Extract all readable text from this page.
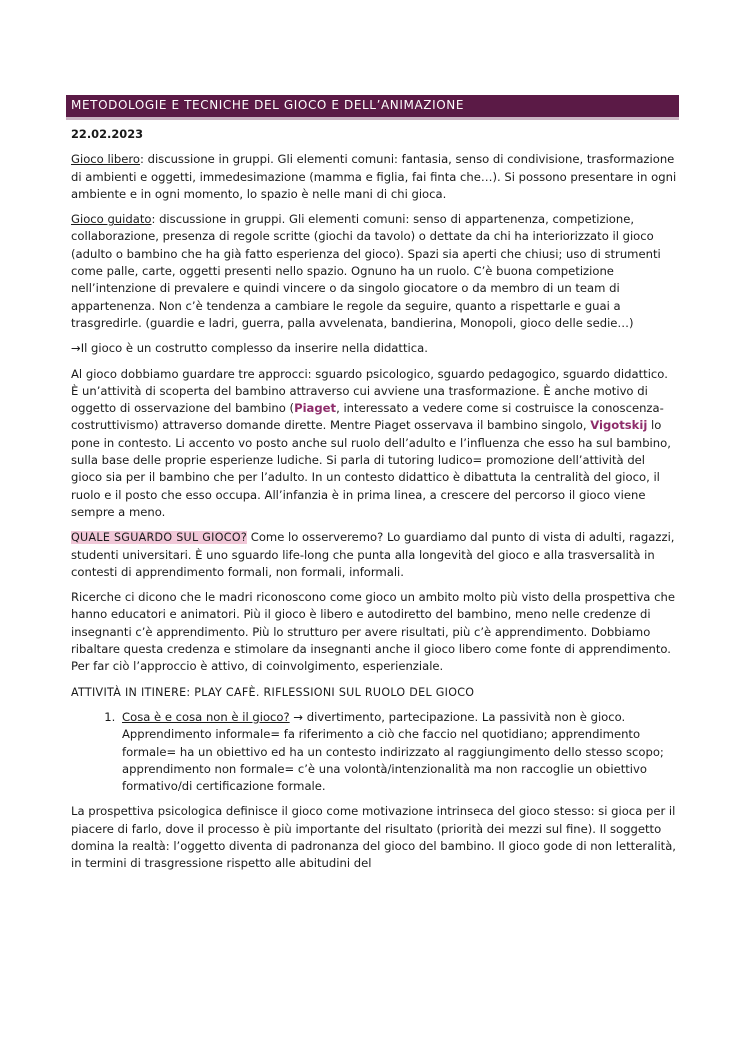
METODOLOGIE E TECNICHE DEL GIOCO E DELL’ANIMAZIONE

22.02.2023

Gioco libero: discussione in gruppi. Gli elementi comuni: fantasia, senso di condivisione, trasformazione di ambienti e oggetti, immedesimazione (mamma e figlia, fai finta che…). Si possono presentare in ogni ambiente e in ogni momento, lo spazio è nelle mani di chi gioca.

Gioco guidato: discussione in gruppi. Gli elementi comuni: senso di appartenenza, competizione, collaborazione, presenza di regole scritte (giochi da tavolo) o dettate da chi ha interiorizzato il gioco (adulto o bambino che ha già fatto esperienza del gioco). Spazi sia aperti che chiusi; uso di strumenti come palle, carte, oggetti presenti nello spazio. Ognuno ha un ruolo. C’è buona competizione nell’intenzione di prevalere e quindi vincere o da singolo giocatore o da membro di un team di appartenenza. Non c’è tendenza a cambiare le regole da seguire, quanto a rispettarle e guai a trasgredirle. (guardie e ladri, guerra, palla avvelenata, bandierina, Monopoli, gioco delle sedie…)

→Il gioco è un costrutto complesso da inserire nella didattica.

Al gioco dobbiamo guardare tre approcci: sguardo psicologico, sguardo pedagogico, sguardo didattico. È un’attività di scoperta del bambino attraverso cui avviene una trasformazione. È anche motivo di oggetto di osservazione del bambino (Piaget, interessato a vedere come si costruisce la conoscenza- costruttivismo) attraverso domande dirette. Mentre Piaget osservava il bambino singolo, Vigotskij lo pone in contesto. Li accento vo posto anche sul ruolo dell’adulto e l’influenza che esso ha sul bambino, sulla base delle proprie esperienze ludiche. Si parla di tutoring ludico= promozione dell’attività del gioco sia per il bambino che per l’adulto. In un contesto didattico è dibattuta la centralità del gioco, il ruolo e il posto che esso occupa. All’infanzia è in prima linea, a crescere del percorso il gioco viene sempre a meno.

QUALE SGUARDO SUL GIOCO? Come lo osserveremo? Lo guardiamo dal punto di vista di adulti, ragazzi, studenti universitari. È uno sguardo life-long che punta alla longevità del gioco e alla trasversalità in contesti di apprendimento formali, non formali, informali.

Ricerche ci dicono che le madri riconoscono come gioco un ambito molto più visto della prospettiva che hanno educatori e animatori. Più il gioco è libero e autodiretto del bambino, meno nelle credenze di insegnanti c’è apprendimento. Più lo strutturo per avere risultati, più c’è apprendimento. Dobbiamo ribaltare questa credenza e stimolare da insegnanti anche il gioco libero come fonte di apprendimento. Per far ciò l’approccio è attivo, di coinvolgimento, esperienziale.

ATTIVITÀ IN ITINERE: PLAY CAFÈ. RIFLESSIONI SUL RUOLO DEL GIOCO

1. Cosa è e cosa non è il gioco? → divertimento, partecipazione. La passività non è gioco. Apprendimento informale= fa riferimento a ciò che faccio nel quotidiano; apprendimento formale= ha un obiettivo ed ha un contesto indirizzato al raggiungimento dello stesso scopo; apprendimento non formale= c’è una volontà/intenzionalità ma non raccoglie un obiettivo formativo/di certificazione formale.

La prospettiva psicologica definisce il gioco come motivazione intrinseca del gioco stesso: si gioca per il piacere di farlo, dove il processo è più importante del risultato (priorità dei mezzi sul fine). Il soggetto domina la realtà: l’oggetto diventa di padronanza del gioco del bambino. Il gioco gode di non letteralità, in termini di trasgressione rispetto alle abitudini del
